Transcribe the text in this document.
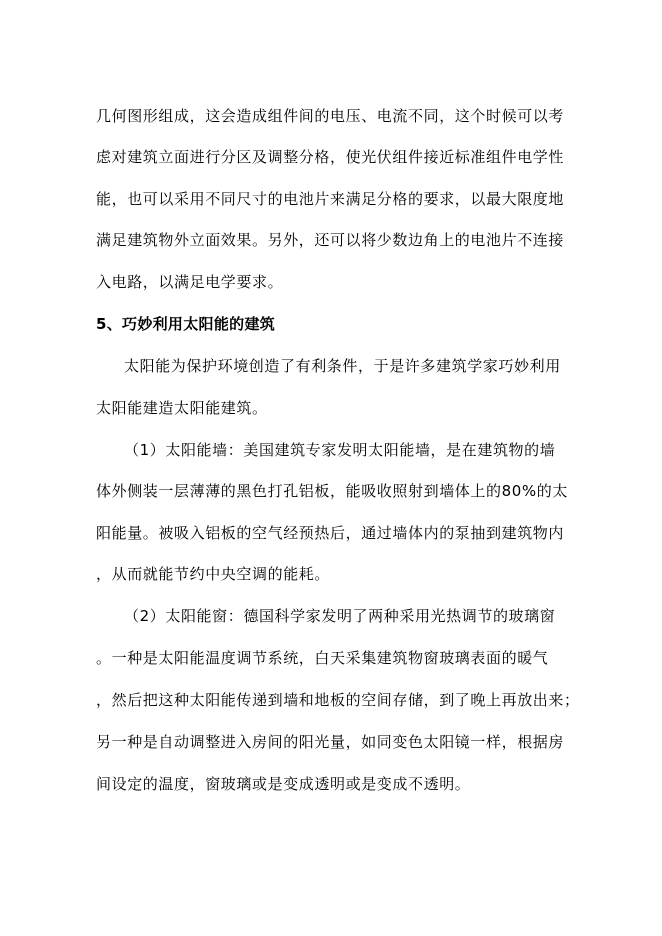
几何图形组成，这会造成组件间的电压、电流不同，这个时候可以考
虑对建筑立面进行分区及调整分格，使光伏组件接近标准组件电学性
能，也可以采用不同尺寸的电池片来满足分格的要求，以最大限度地
满足建筑物外立面效果。另外，还可以将少数边角上的电池片不连接
入电路，以满足电学要求。
5、巧妙利用太阳能的建筑
太阳能为保护环境创造了有利条件，于是许多建筑学家巧妙利用
太阳能建造太阳能建筑。
（1）太阳能墙：美国建筑专家发明太阳能墙，是在建筑物的墙
体外侧装一层薄薄的黑色打孔铝板，能吸收照射到墙体上的80%的太
阳能量。被吸入铝板的空气经预热后，通过墙体内的泵抽到建筑物内
，从而就能节约中央空调的能耗。
（2）太阳能窗：德国科学家发明了两种采用光热调节的玻璃窗
。一种是太阳能温度调节系统，白天采集建筑物窗玻璃表面的暖气
，然后把这种太阳能传递到墙和地板的空间存储，到了晚上再放出来；
另一种是自动调整进入房间的阳光量，如同变色太阳镜一样，根据房
间设定的温度，窗玻璃或是变成透明或是变成不透明。
